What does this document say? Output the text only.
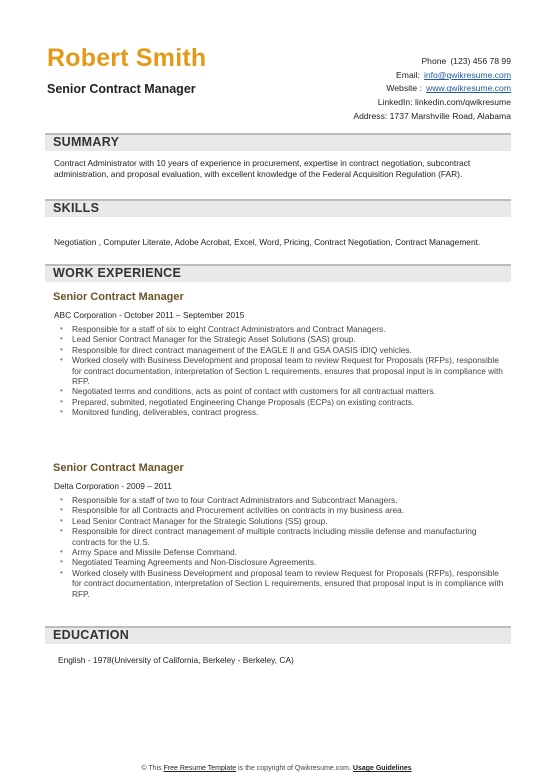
Robert Smith
Senior Contract Manager
Phone (123) 456 78 99
Email: info@qwikresume.com
Website : www.qwikresume.com
LinkedIn: linkedin.com/qwikresume
Address: 1737 Marshville Road, Alabama
SUMMARY
Contract Administrator with 10 years of experience in procurement, expertise in contract negotiation, subcontract administration, and proposal evaluation, with excellent knowledge of the Federal Acquisition Regulation (FAR).
SKILLS
Negotiation , Computer Literate, Adobe Acrobat, Excel, Word, Pricing, Contract Negotiation, Contract Management.
WORK EXPERIENCE
Senior Contract Manager
ABC Corporation - October 2011 – September 2015
• Responsible for a staff of six to eight Contract Administrators and Contract Managers.
• Lead Senior Contract Manager for the Strategic Asset Solutions (SAS) group.
• Responsible for direct contract management of the EAGLE II and GSA OASIS IDIQ vehicles.
• Worked closely with Business Development and proposal team to review Request for Proposals (RFPs), responsible for contract documentation, interpretation of Section L requirements, ensures that proposal input is in compliance with RFP.
• Negotiated terms and conditions, acts as point of contact with customers for all contractual matters.
• Prepared, submited, negotiated Engineering Change Proposals (ECPs) on existing contracts.
• Monitored funding, deliverables, contract progress.
Senior Contract Manager
Delta Corporation - 2009 – 2011
• Responsible for a staff of two to four Contract Administrators and Subcontract Managers.
• Responsible for all Contracts and Procurement activities on contracts in my business area.
• Lead Senior Contract Manager for the Strategic Solutions (SS) group.
• Responsible for direct contract management of multiple contracts including missile defense and manufacturing contracts for the U.S.
• Army Space and Missile Defense Command.
• Negotiated Teaming Agreements and Non-Disclosure Agreements.
• Worked closely with Business Development and proposal team to review Request for Proposals (RFPs), responsible for contract documentation, interpretation of Section L requirements, ensured that proposal input is in compliance with RFP.
EDUCATION
English - 1978(University of California, Berkeley - Berkeley, CA)
© This Free Resume Template is the copyright of Qwikresume.com. Usage Guidelines
